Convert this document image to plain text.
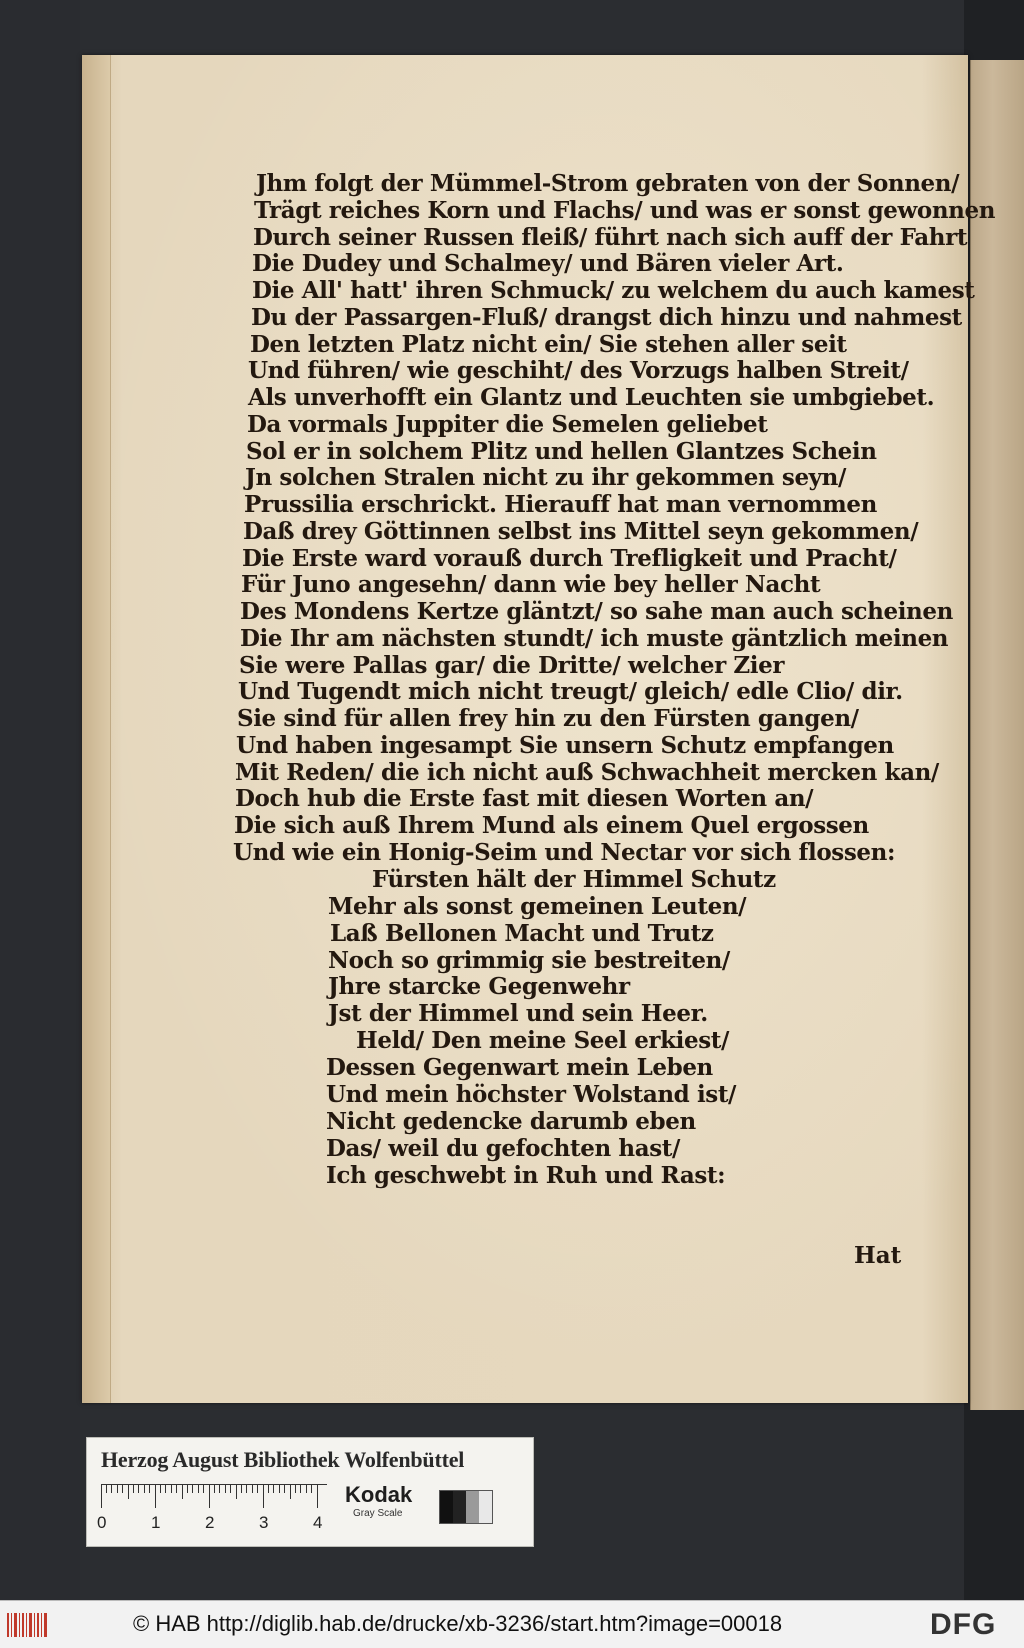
Jhm folgt der Mümmel-Strom gebraten von der Sonnen/
Trägt reiches Korn und Flachs/ und was er sonst gewonnen
Durch seiner Russen fleiß/ führt nach sich auff der Fahrt
Die Dudey und Schalmey/ und Bären vieler Art.
Die All' hatt' ihren Schmuck/ zu welchem du auch kamest
Du der Passargen-Fluß/ drangst dich hinzu und nahmest
Den letzten Platz nicht ein/ Sie stehen aller seit
Und führen/ wie geschiht/ des Vorzugs halben Streit/
Als unverhofft ein Glantz und Leuchten sie umbgiebet.
Da vormals Juppiter die Semelen geliebet
Sol er in solchem Plitz und hellen Glantzes Schein
Jn solchen Stralen nicht zu ihr gekommen seyn/
Prussilia erschrickt. Hierauff hat man vernommen
Daß drey Göttinnen selbst ins Mittel seyn gekommen/
Die Erste ward vorauß durch Trefligkeit und Pracht/
Für Juno angesehn/ dann wie bey heller Nacht
Des Mondens Kertze gläntzt/ so sahe man auch scheinen
Die Ihr am nächsten stundt/ ich muste gäntzlich meinen
Sie were Pallas gar/ die Dritte/ welcher Zier
Und Tugendt mich nicht treugt/ gleich/ edle Clio/ dir.
Sie sind für allen frey hin zu den Fürsten gangen/
Und haben ingesampt Sie unsern Schutz empfangen
Mit Reden/ die ich nicht auß Schwachheit mercken kan/
Doch hub die Erste fast mit diesen Worten an/
Die sich auß Ihrem Mund als einem Quel ergossen
Und wie ein Honig-Seim und Nectar vor sich flossen:
Fürsten hält der Himmel Schutz
Mehr als sonst gemeinen Leuten/
Laß Bellonen Macht und Trutz
Noch so grimmig sie bestreiten/
Jhre starcke Gegenwehr
Jst der Himmel und sein Heer.
Held/ Den meine Seel erkiest/
Dessen Gegenwart mein Leben
Und mein höchster Wolstand ist/
Nicht gedencke darumb eben
Das/ weil du gefochten hast/
Ich geschwebt in Ruh und Rast:
Hat
Herzog August Bibliothek Wolfenbüttel
0	1	2	3	4
Kodak
Gray Scale
© HAB http://diglib.hab.de/drucke/xb-3236/start.htm?image=00018	DFG
